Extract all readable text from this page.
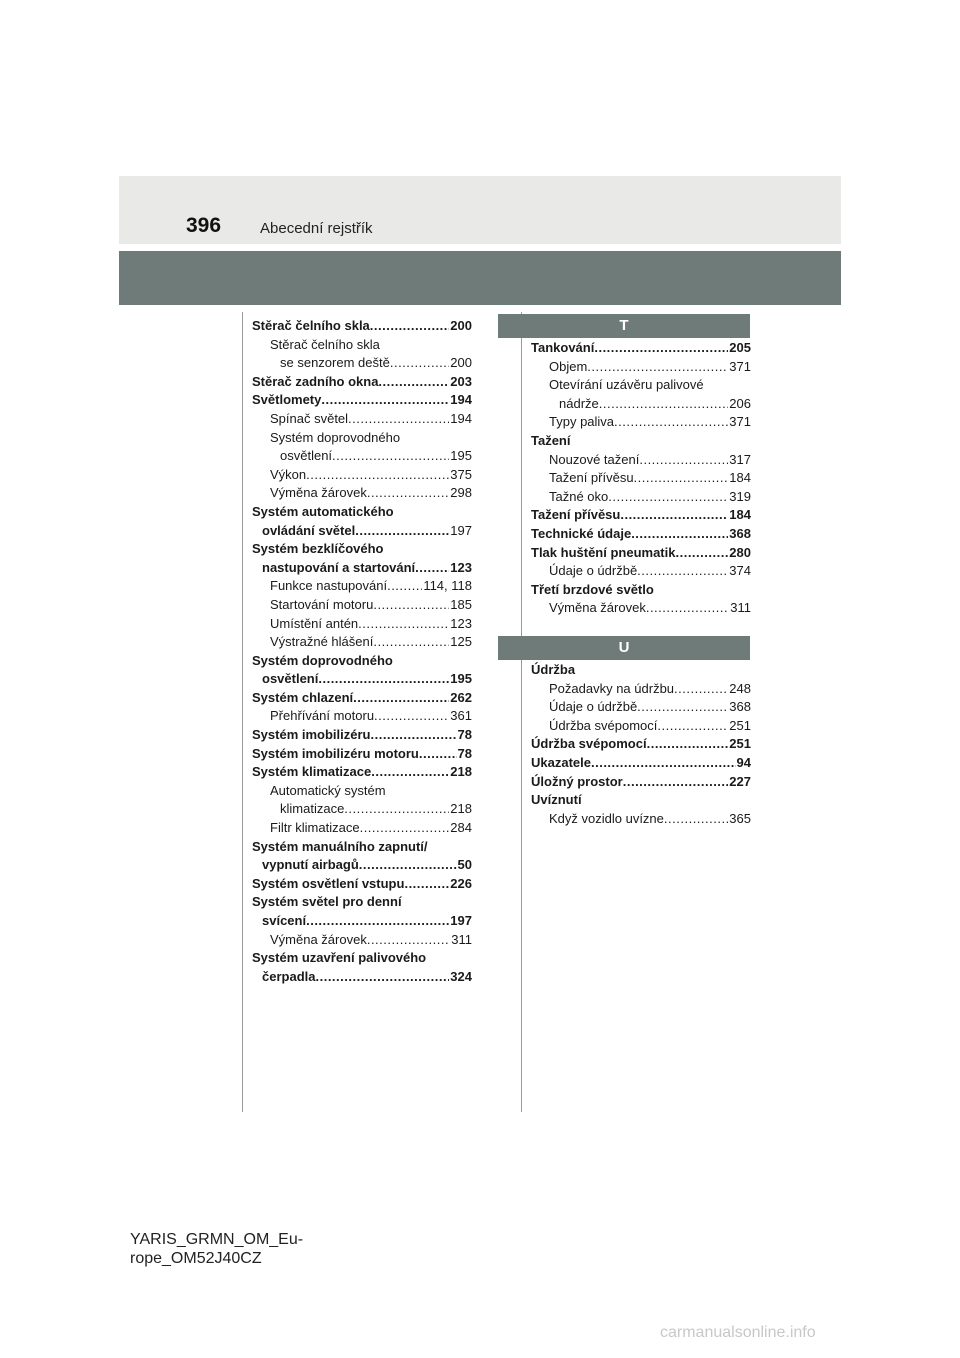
396	Abecední rejstřík
Stěrač čelního skla .....	200
Stěrač čelního skla
se senzorem deště .....	200
Stěrač zadního okna .....	203
Světlomety .....	194
Spínač světel .....	194
Systém doprovodného
osvětlení .....	195
Výkon .....	375
Výměna žárovek .....	298
Systém automatického
ovládání světel .....	197
Systém bezklíčového
nastupování a startování .....	123
Funkce nastupování .....	114, 118
Startování motoru .....	185
Umístění antén .....	123
Výstražné hlášení .....	125
Systém doprovodného
osvětlení .....	195
Systém chlazení .....	262
Přehřívání motoru .....	361
Systém imobilizéru .....	78
Systém imobilizéru motoru .....	78
Systém klimatizace .....	218
Automatický systém
klimatizace .....	218
Filtr klimatizace .....	284
Systém manuálního zapnutí/
vypnutí airbagů .....	50
Systém osvětlení vstupu .....	226
Systém světel pro denní
svícení .....	197
Výměna žárovek .....	311
Systém uzavření palivového
čerpadla .....	324
T
Tankování .....	205
Objem .....	371
Otevírání uzávěru palivové
nádrže .....	206
Typy paliva .....	371
Tažení
Nouzové tažení .....	317
Tažení přívěsu .....	184
Tažné oko .....	319
Tažení přívěsu .....	184
Technické údaje .....	368
Tlak huštění pneumatik .....	280
Údaje o údržbě .....	374
Třetí brzdové světlo
Výměna žárovek .....	311
U
Údržba
Požadavky na údržbu .....	248
Údaje o údržbě .....	368
Údržba svépomocí .....	251
Údržba svépomocí .....	251
Ukazatele .....	94
Úložný prostor .....	227
Uvíznutí
Když vozidlo uvízne .....	365
YARIS_GRMN_OM_Eu-
rope_OM52J40CZ
carmanualsonline.info
